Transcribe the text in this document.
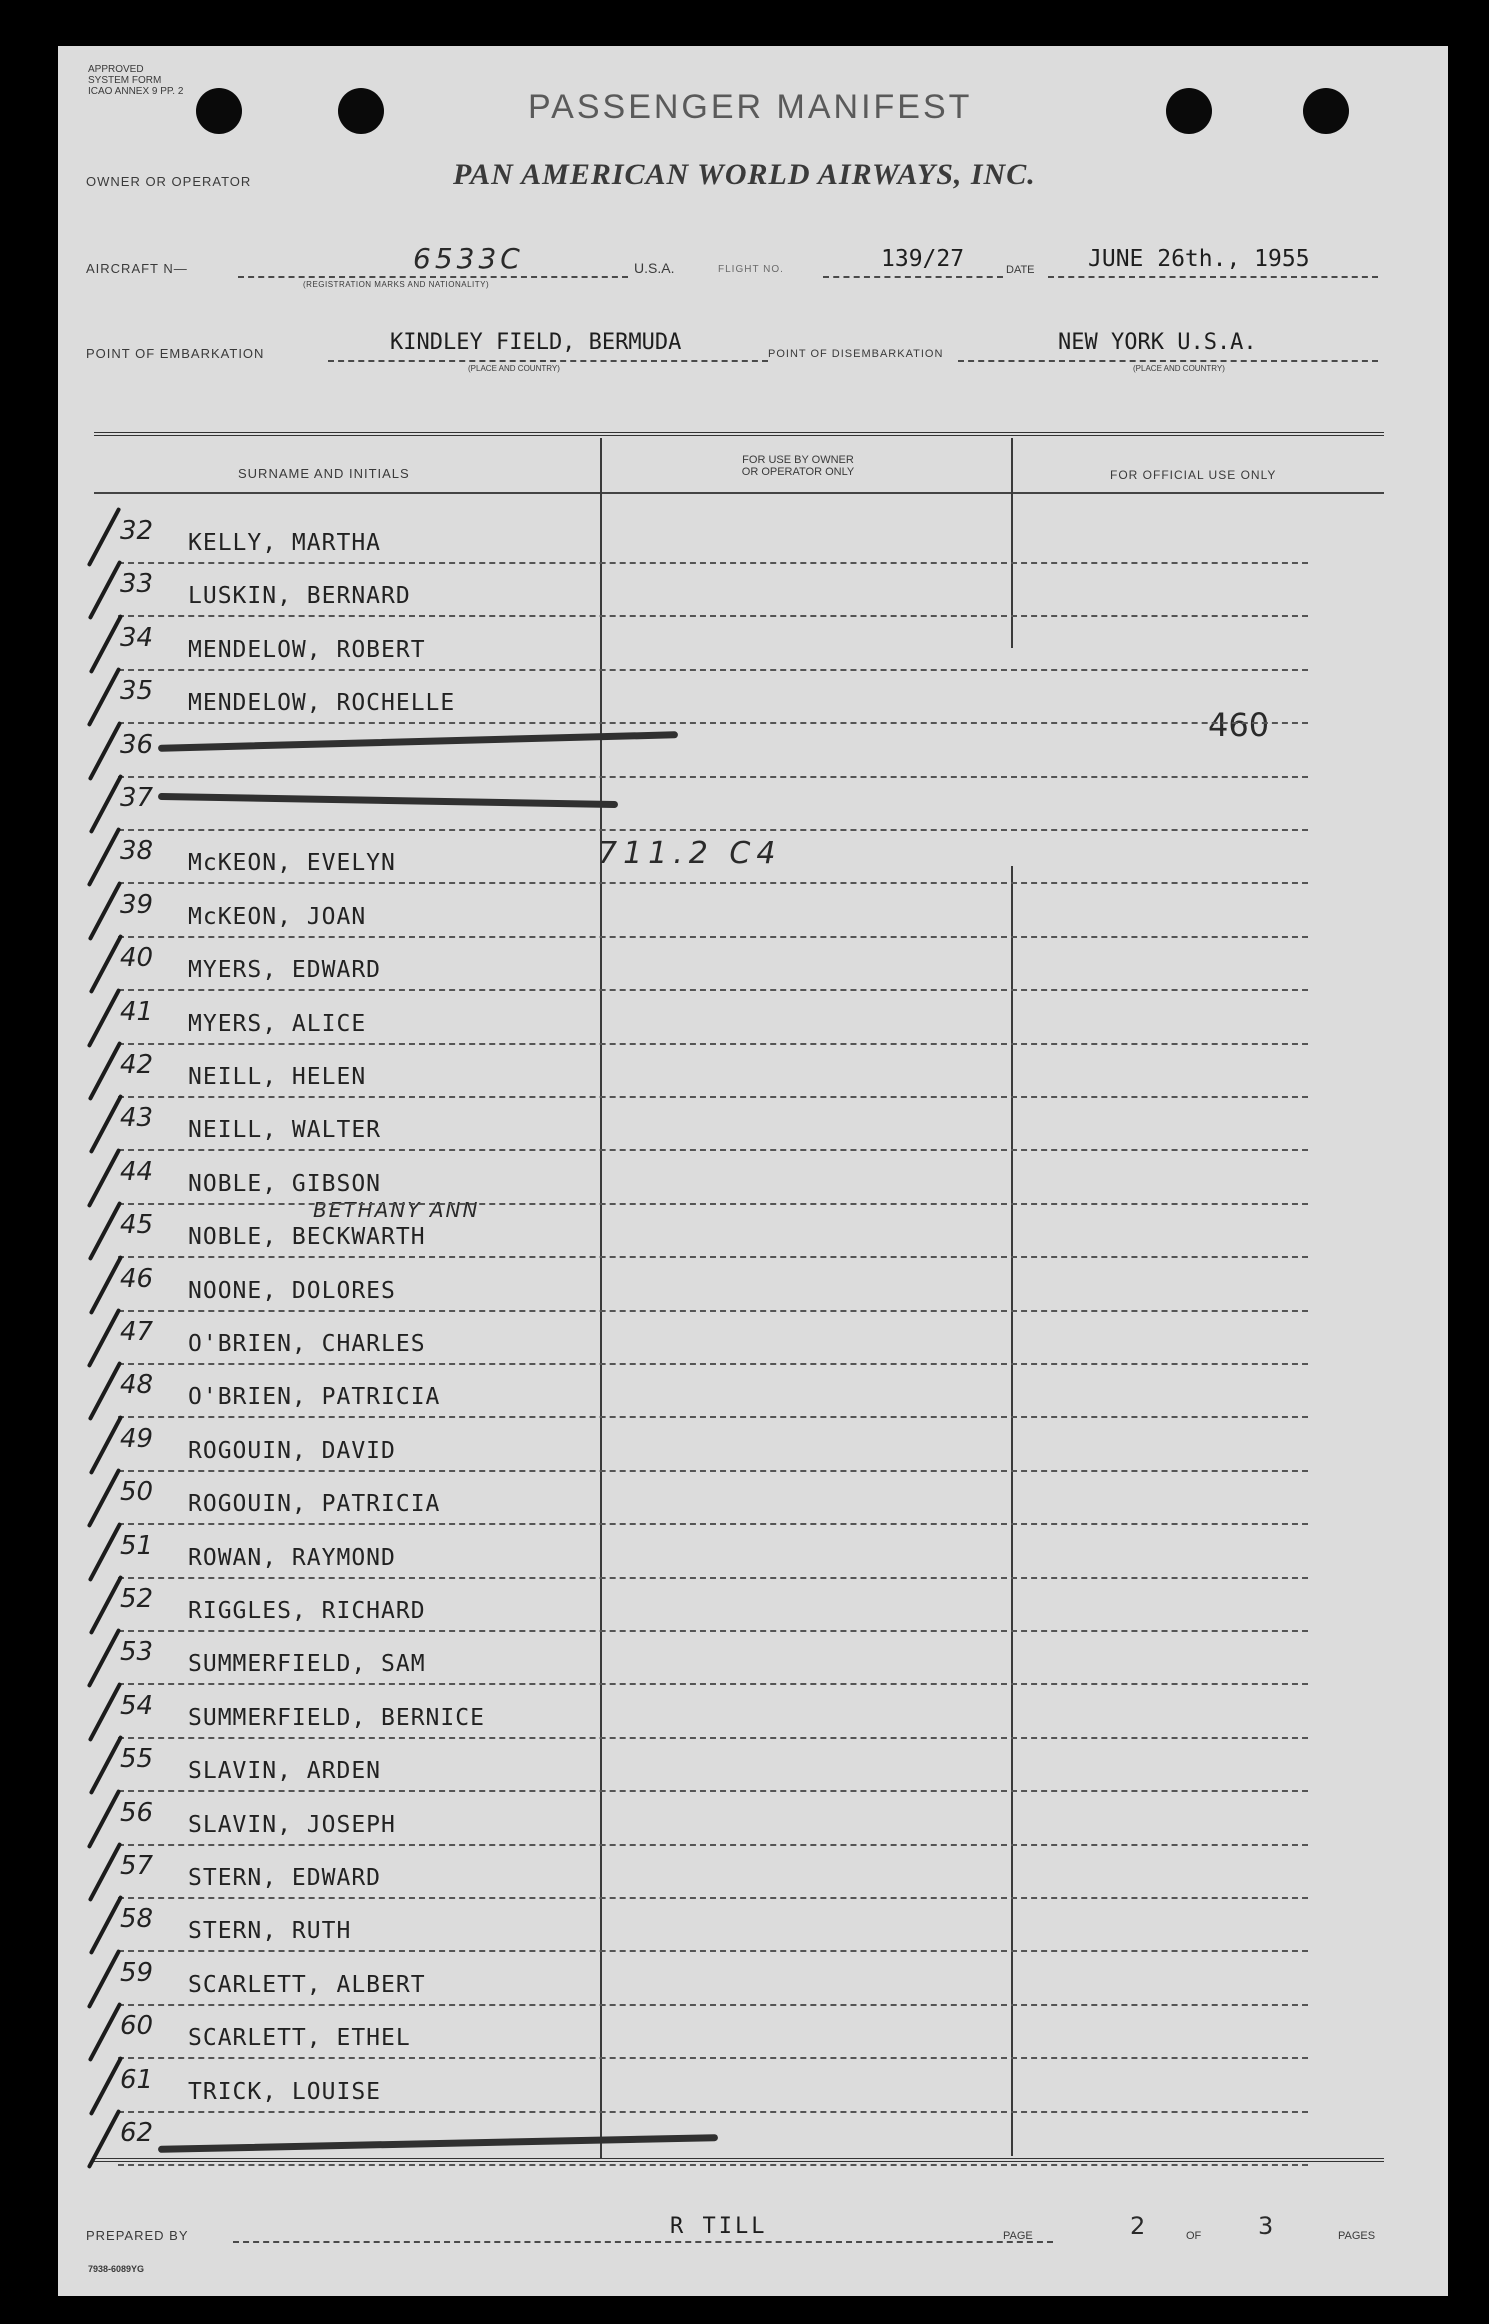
APPROVED
SYSTEM FORM
ICAO ANNEX 9 PP. 2	PASSENGER MANIFEST
OWNER OR OPERATOR	PAN AMERICAN WORLD AIRWAYS, INC.
AIRCRAFT N—	6533C
(REGISTRATION MARKS AND NATIONALITY)
U.S.A.	FLIGHT NO.	139/27	DATE JUNE 26th., 1955
POINT OF EMBARKATION	KINDLEY FIELD, BERMUDA
(PLACE AND COUNTRY)
POINT OF DISEMBARKATION	NEW YORK U.S.A.
(PLACE AND COUNTRY)
SURNAME AND INITIALS
FOR USE BY OWNER
OR OPERATOR ONLY	FOR OFFICIAL USE ONLY
460
711.2 C4
BETHANY ANN
32 KELLY, MARTHA
33 LUSKIN, BERNARD
34 MENDELOW, ROBERT
35 MENDELOW, ROCHELLE
36
37
38 McKEON, EVELYN
39 McKEON, JOAN
40 MYERS, EDWARD
41 MYERS, ALICE
42 NEILL, HELEN
43 NEILL, WALTER
44 NOBLE, GIBSON
45 NOBLE, BECKWARTH
46 NOONE, DOLORES
47 O'BRIEN, CHARLES
48 O'BRIEN, PATRICIA
49 ROGOUIN, DAVID
50 ROGOUIN, PATRICIA
51 ROWAN, RAYMOND
52 RIGGLES, RICHARD
53 SUMMERFIELD, SAM
54 SUMMERFIELD, BERNICE
55 SLAVIN, ARDEN
56 SLAVIN, JOSEPH
57 STERN, EDWARD
58 STERN, RUTH
59 SCARLETT, ALBERT
60 SCARLETT, ETHEL
61 TRICK, LOUISE
62
PREPARED BY	R TILL	PAGE	2	OF 3	PAGES
7938-6089YG
